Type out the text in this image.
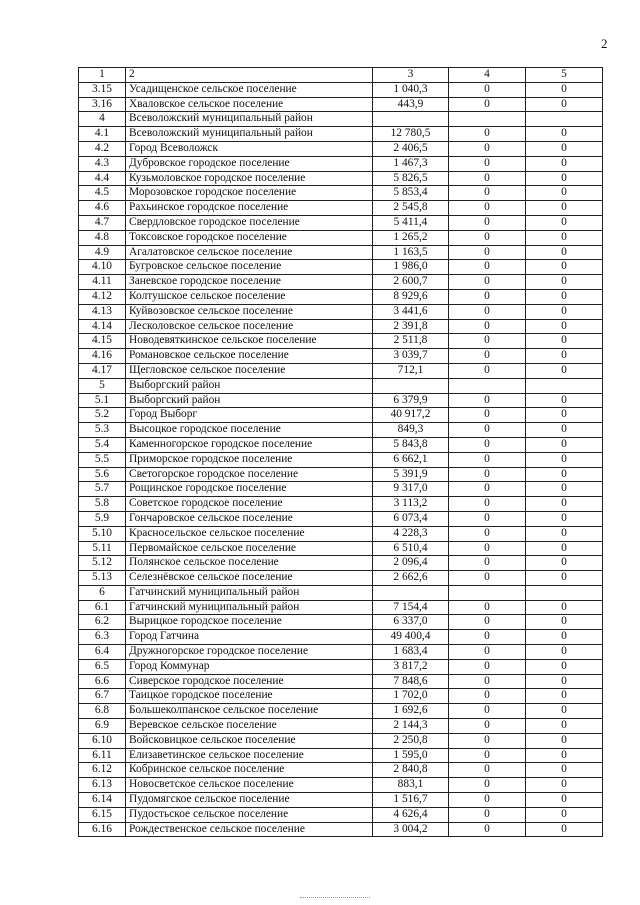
2
1	2	3	4	5
3.15	Усадищенское сельское поселение	1 040,3	0	0
3.16	Хваловское сельское поселение	443,9	0	0
4	Всеволожский муниципальный район			
4.1	Всеволожский муниципальный район	12 780,5	0	0
4.2	Город Всеволожск	2 406,5	0	0
4.3	Дубровское городское поселение	1 467,3	0	0
4.4	Кузьмоловское городское поселение	5 826,5	0	0
4.5	Морозовское городское поселение	5 853,4	0	0
4.6	Рахьинское городское поселение	2 545,8	0	0
4.7	Свердловское городское поселение	5 411,4	0	0
4.8	Токсовское городское поселение	1 265,2	0	0
4.9	Агалатовское сельское поселение	1 163,5	0	0
4.10	Бугровское сельское поселение	1 986,0	0	0
4.11	Заневское городское поселение	2 600,7	0	0
4.12	Колтушское сельское поселение	8 929,6	0	0
4.13	Куйвозовское сельское поселение	3 441,6	0	0
4.14	Лесколовское сельское поселение	2 391,8	0	0
4.15	Новодевяткинское сельское поселение	2 511,8	0	0
4.16	Романовское сельское поселение	3 039,7	0	0
4.17	Щегловское сельское поселение	712,1	0	0
5	Выборгский район			
5.1	Выборгский район	6 379,9	0	0
5.2	Город Выборг	40 917,2	0	0
5.3	Высоцкое городское поселение	849,3	0	0
5.4	Каменногорское городское поселение	5 843,8	0	0
5.5	Приморское городское поселение	6 662,1	0	0
5.6	Светогорское городское поселение	5 391,9	0	0
5.7	Рощинское городское поселение	9 317,0	0	0
5.8	Советское городское поселение	3 113,2	0	0
5.9	Гончаровское сельское поселение	6 073,4	0	0
5.10	Красносельское сельское поселение	4 228,3	0	0
5.11	Первомайское сельское поселение	6 510,4	0	0
5.12	Полянское сельское поселение	2 096,4	0	0
5.13	Селезнёвское сельское поселение	2 662,6	0	0
6	Гатчинский муниципальный район			
6.1	Гатчинский муниципальный район	7 154,4	0	0
6.2	Вырицкое городское поселение	6 337,0	0	0
6.3	Город Гатчина	49 400,4	0	0
6.4	Дружногорское городское поселение	1 683,4	0	0
6.5	Город Коммунар	3 817,2	0	0
6.6	Сиверское городское поселение	7 848,6	0	0
6.7	Таицкое городское поселение	1 702,0	0	0
6.8	Большеколпанское сельское поселение	1 692,6	0	0
6.9	Веревское сельское поселение	2 144,3	0	0
6.10	Войсковицкое сельское поселение	2 250,8	0	0
6.11	Елизаветинское сельское поселение	1 595,0	0	0
6.12	Кобринское сельское поселение	2 840,8	0	0
6.13	Новосветское сельское поселение	883,1	0	0
6.14	Пудомягское сельское поселение	1 516,7	0	0
6.15	Пудостьское сельское поселение	4 626,4	0	0
6.16	Рождественское сельское поселение	3 004,2	0	0
